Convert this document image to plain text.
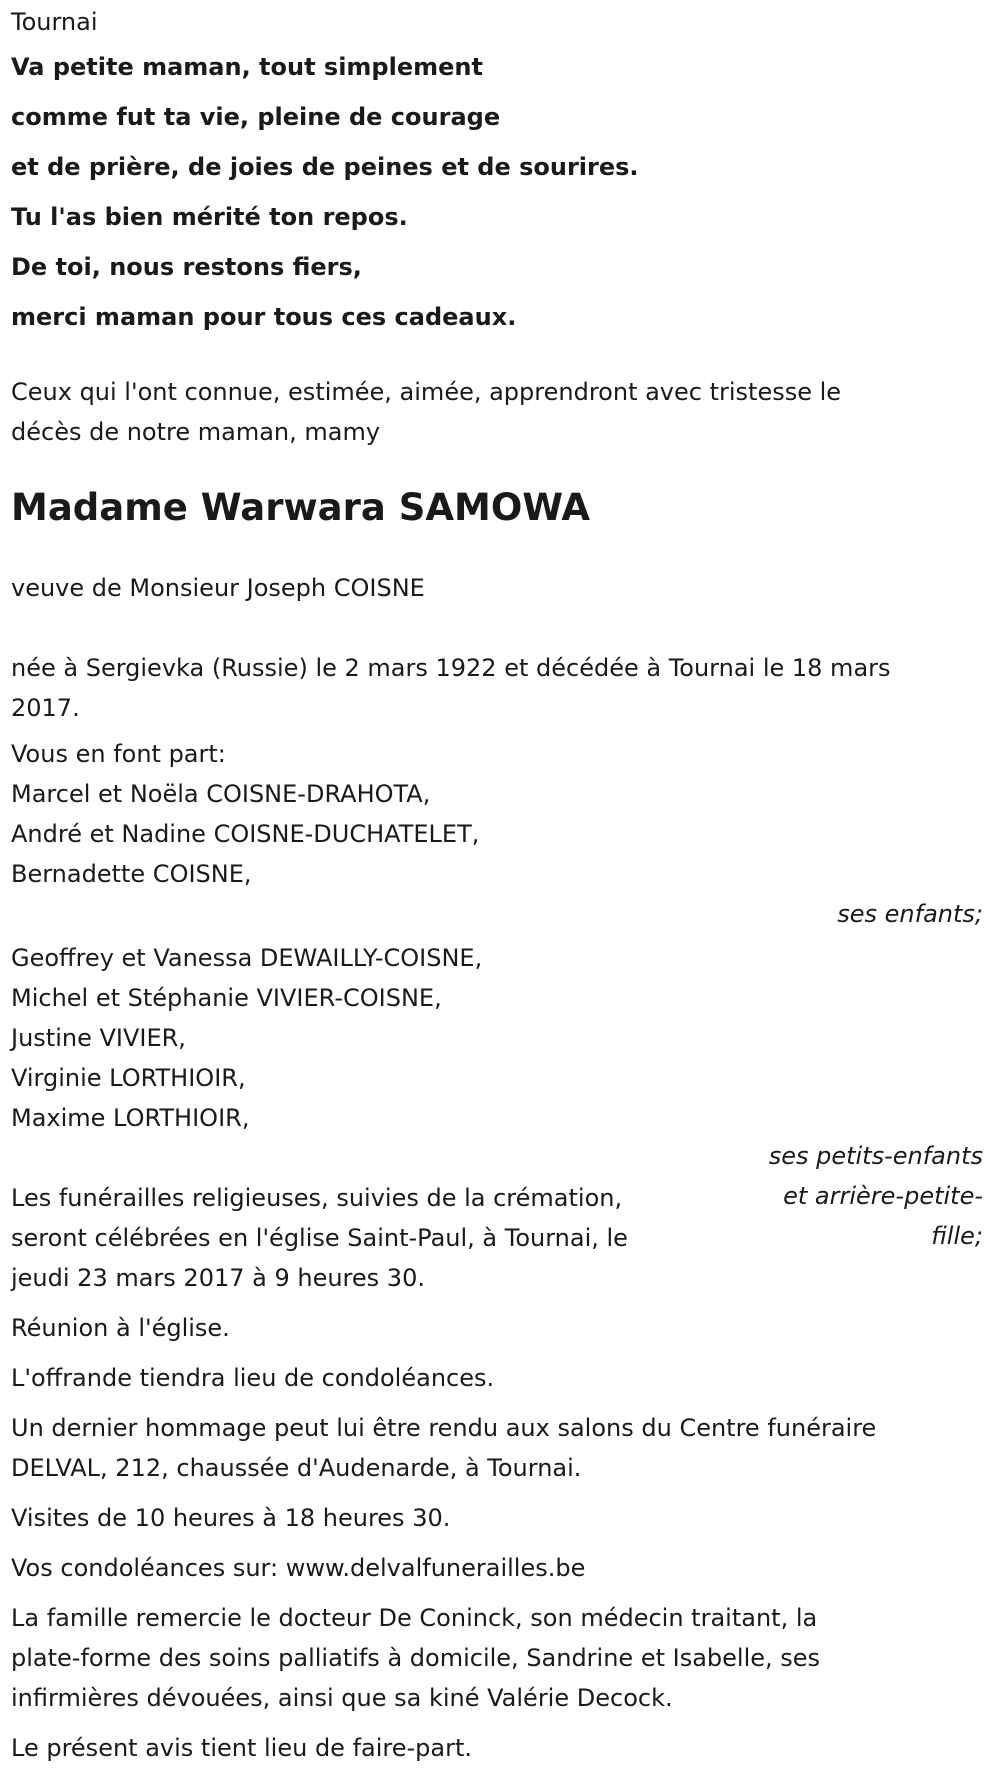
Tournai
Va petite maman, tout simplement
comme fut ta vie, pleine de courage
et de prière, de joies de peines et de sourires.
Tu l'as bien mérité ton repos.
De toi, nous restons fiers,
merci maman pour tous ces cadeaux.
Ceux qui l'ont connue, estimée, aimée, apprendront avec tristesse le
décès de notre maman, mamy
Madame Warwara SAMOWA
veuve de Monsieur Joseph COISNE
née à Sergievka (Russie) le 2 mars 1922 et décédée à Tournai le 18 mars
2017.
Vous en font part:
Marcel et Noëla COISNE-DRAHOTA,
André et Nadine COISNE-DUCHATELET,
Bernadette COISNE,
ses enfants;
Geoffrey et Vanessa DEWAILLY-COISNE,
Michel et Stéphanie VIVIER-COISNE,
Justine VIVIER,
Virginie LORTHIOIR,
Maxime LORTHIOIR,
ses petits-enfants
et arrière-petite-
fille;
Les funérailles religieuses, suivies de la crémation,
seront célébrées en l'église Saint-Paul, à Tournai, le
jeudi 23 mars 2017 à 9 heures 30.
Réunion à l'église.
L'offrande tiendra lieu de condoléances.
Un dernier hommage peut lui être rendu aux salons du Centre funéraire
DELVAL, 212, chaussée d'Audenarde, à Tournai.
Visites de 10 heures à 18 heures 30.
Vos condoléances sur: www.delvalfunerailles.be
La famille remercie le docteur De Coninck, son médecin traitant, la
plate-forme des soins palliatifs à domicile, Sandrine et Isabelle, ses
infirmières dévouées, ainsi que sa kiné Valérie Decock.
Le présent avis tient lieu de faire-part.
